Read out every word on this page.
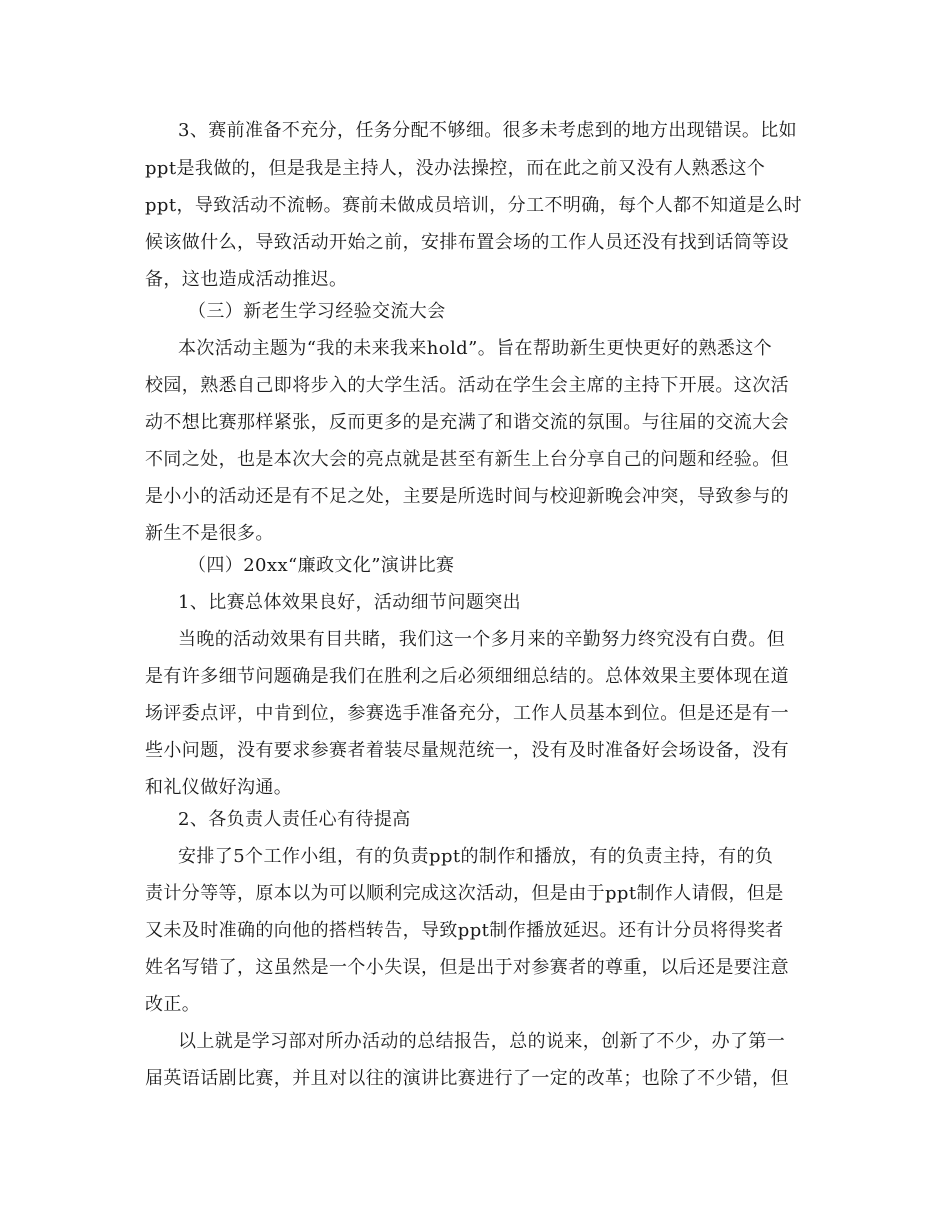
3、赛前准备不充分，任务分配不够细。很多未考虑到的地方出现错误。比如
ppt是我做的，但是我是主持人，没办法操控，而在此之前又没有人熟悉这个
ppt，导致活动不流畅。赛前未做成员培训，分工不明确，每个人都不知道是么时
候该做什么，导致活动开始之前，安排布置会场的工作人员还没有找到话筒等设
备，这也造成活动推迟。
（三）新老生学习经验交流大会
本次活动主题为“我的未来我来hold”。旨在帮助新生更快更好的熟悉这个
校园，熟悉自己即将步入的大学生活。活动在学生会主席的主持下开展。这次活
动不想比赛那样紧张，反而更多的是充满了和谐交流的氛围。与往届的交流大会
不同之处，也是本次大会的亮点就是甚至有新生上台分享自己的问题和经验。但
是小小的活动还是有不足之处，主要是所选时间与校迎新晚会冲突，导致参与的
新生不是很多。
（四）20xx“廉政文化”演讲比赛
1、比赛总体效果良好，活动细节问题突出
当晚的活动效果有目共睹，我们这一个多月来的辛勤努力终究没有白费。但
是有许多细节问题确是我们在胜利之后必须细细总结的。总体效果主要体现在道
场评委点评，中肯到位，参赛选手准备充分，工作人员基本到位。但是还是有一
些小问题，没有要求参赛者着装尽量规范统一，没有及时准备好会场设备，没有
和礼仪做好沟通。
2、各负责人责任心有待提高
安排了5个工作小组，有的负责ppt的制作和播放，有的负责主持，有的负
责计分等等，原本以为可以顺利完成这次活动，但是由于ppt制作人请假，但是
又未及时准确的向他的搭档转告，导致ppt制作播放延迟。还有计分员将得奖者
姓名写错了，这虽然是一个小失误，但是出于对参赛者的尊重，以后还是要注意
改正。
以上就是学习部对所办活动的总结报告，总的说来，创新了不少，办了第一
届英语话剧比赛，并且对以往的演讲比赛进行了一定的改革；也除了不少错，但
